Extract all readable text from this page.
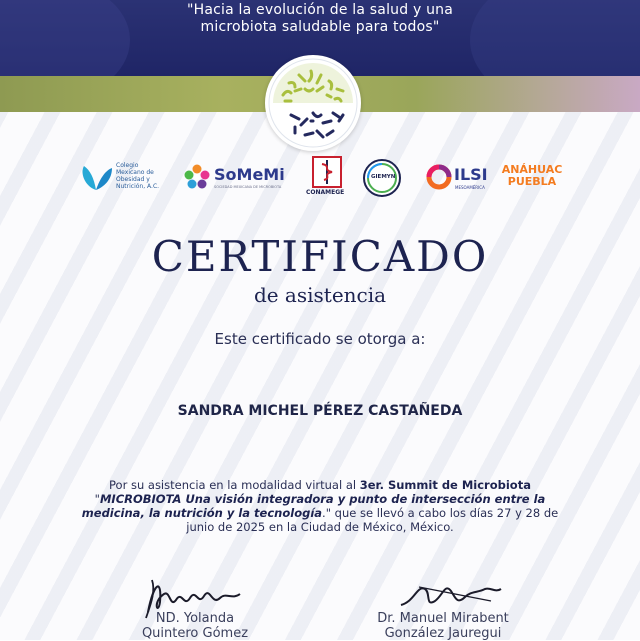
"Hacia la evolución de la salud y una
microbiota saludable para todos"
Colegio
Mexicano de
Obesidad y
Nutrición, A.C.
SoMeMi
SOCIEDAD MEXICANA DE MICROBIOTA
CONAMEGE
GIEMYN	ILSI
MESOAMÉRICA
ANÁHUAC
PUEBLA
CERTIFICADO
de asistencia
Este certificado se otorga a:
SANDRA MICHEL PÉREZ CASTAÑEDA
Por su asistencia en la modalidad virtual al 3er. Summit de Microbiota "MICROBIOTA Una visión integradora y punto de intersección entre la medicina, la nutrición y la tecnología." que se llevó a cabo los días 27 y 28 de junio de 2025 en la Ciudad de México, México.
ND. Yolanda
Quintero Gómez
Dr. Manuel Mirabent
González Jauregui
